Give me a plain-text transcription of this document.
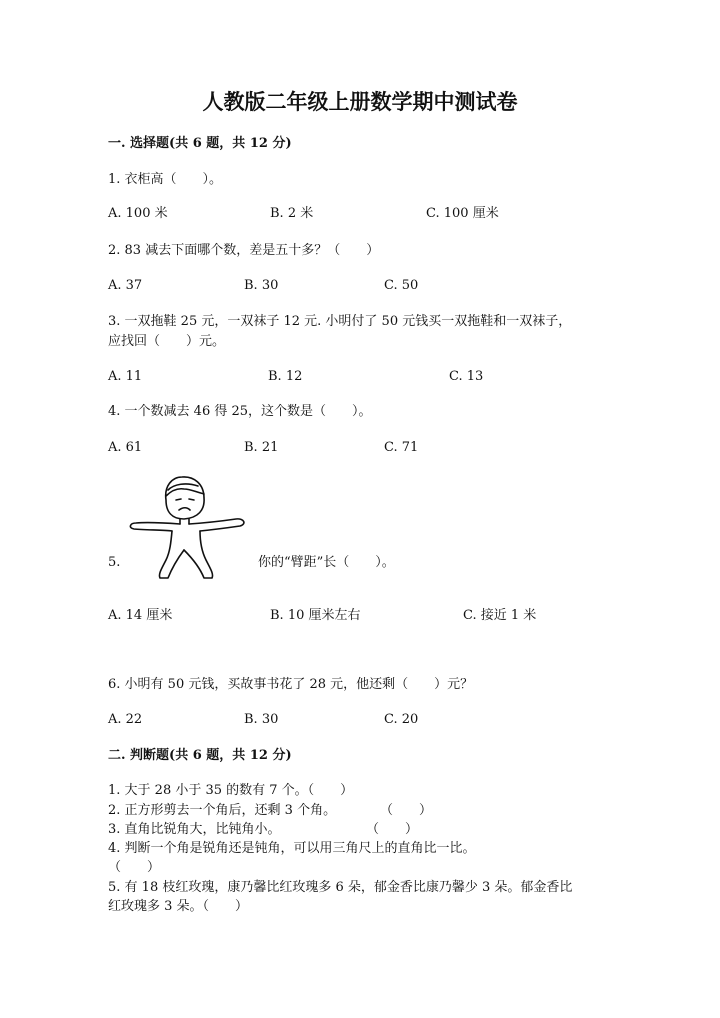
人教版二年级上册数学期中测试卷
一. 选择题(共 6 题，共 12 分)
1. 衣柜高（　　）。
A. 100 米	B. 2 米	C. 100 厘米
2. 83 减去下面哪个数，差是五十多？（　　）
A. 37	B. 30	C. 50
3. 一双拖鞋 25 元，一双袜子 12 元. 小明付了 50 元钱买一双拖鞋和一双袜子，
应找回（　　）元。
A. 11	B. 12	C. 13
4. 一个数减去 46 得 25，这个数是（　　）。
A. 61	B. 21	C. 71
5.	你的“臂距”长（　　）。
A. 14 厘米	B. 10 厘米左右	C. 接近 1 米
6. 小明有 50 元钱，买故事书花了 28 元，他还剩（　　）元？
A. 22	B. 30	C. 20
二. 判断题(共 6 题，共 12 分)
1. 大于 28 小于 35 的数有 7 个。（　　）
2. 正方形剪去一个角后，还剩 3 个角。	（　　）
3. 直角比锐角大，比钝角小。	（　　）
4. 判断一个角是锐角还是钝角，可以用三角尺上的直角比一比。
（　　）
5. 有 18 枝红玫瑰，康乃馨比红玫瑰多 6 朵，郁金香比康乃馨少 3 朵。郁金香比
红玫瑰多 3 朵。（　　）
